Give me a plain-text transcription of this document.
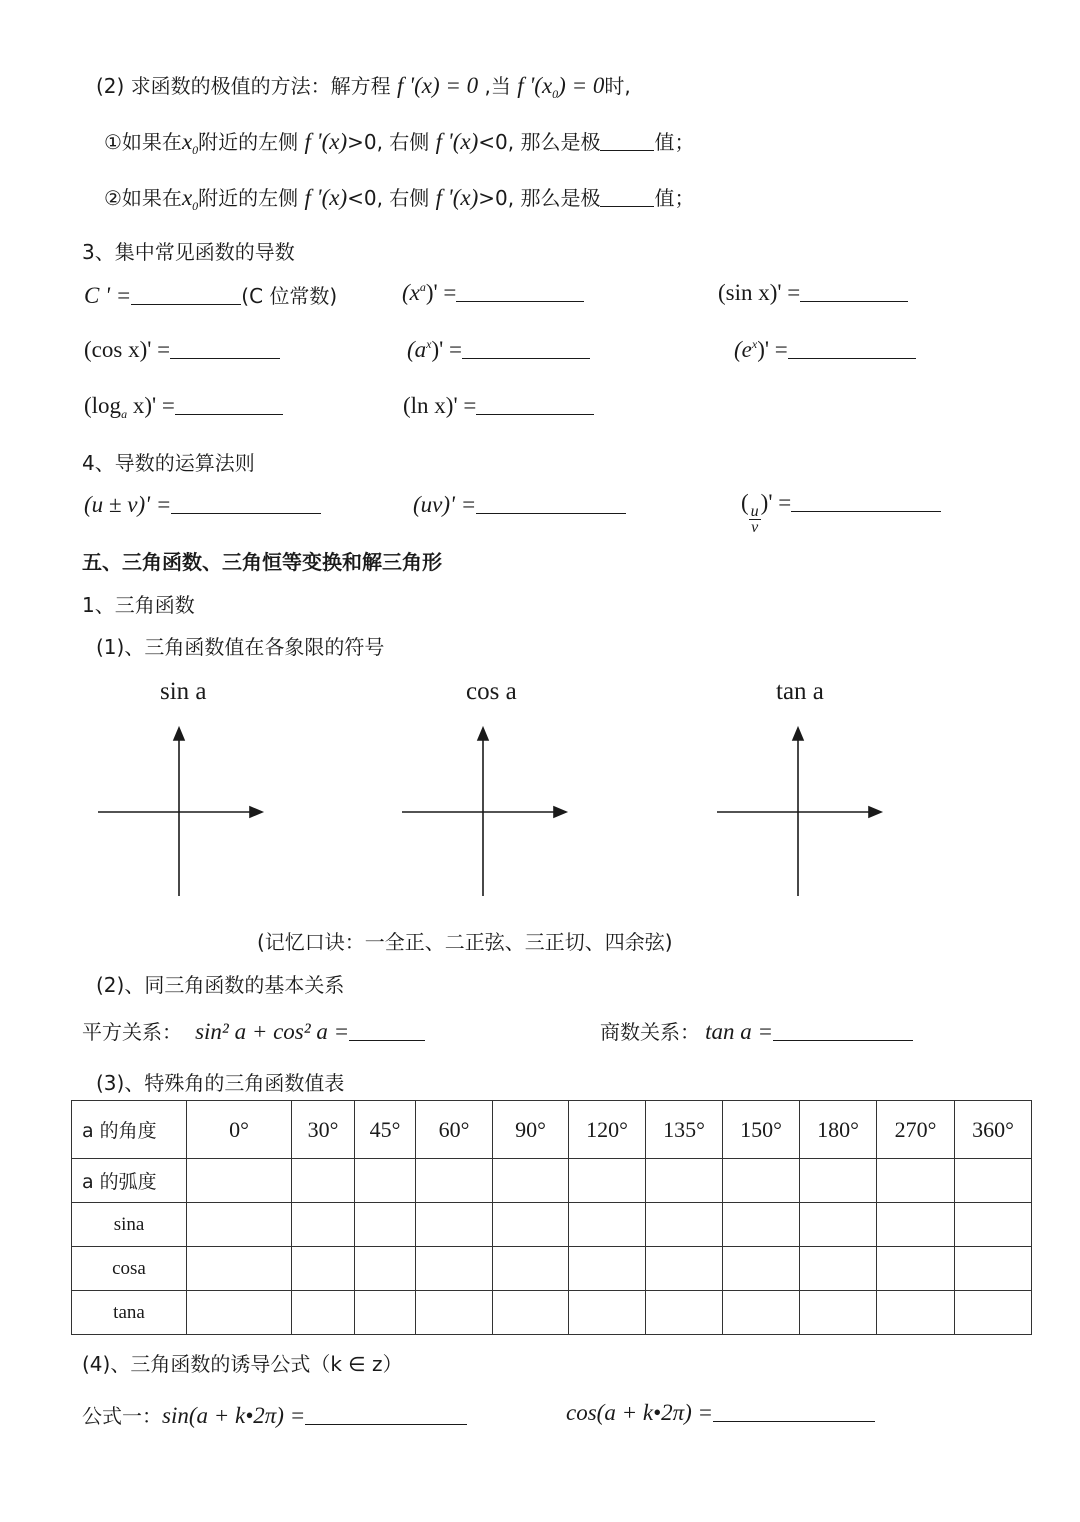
(2) 求函数的极值的方法：解方程 f '(x) = 0 ,当 f '$(x_0) = 0$时,
①如果在$x_0$附近的左侧 f '(x)>0, 右侧 f '(x)<0, 那么是极	值；
②如果在$x_0$附近的左侧 f '(x)<0, 右侧 f '(x)>0, 那么是极	值；
3、集中常见函数的导数
C ' =	(C 位常数)	$(x^a)'$ =	(sin x)' =
(cos x)' =	$(a^x)'$ =	$(e^x)'$ =
($\log_a$ x)' =	(ln x)' =
4、导数的运算法则
(u ± v)' =	(uv)' =	(
$\frac{u}{v}$
)' =
五、三角函数、三角恒等变换和解三角形
1、三角函数
(1)、三角函数值在各象限的符号
sin a	cos a	tan a
(记忆口诀：一全正、二正弦、三正切、四余弦)
(2)、同三角函数的基本关系
平方关系： sin² a + cos² a =	商数关系： tan a =
(3)、特殊角的三角函数值表
a 的角度	0°	30°	45°	60°	90°	120°	135°	150°	180°	270°	360°
a 的弧度											
sina											
cosa											
tana											
(4)、三角函数的诱导公式（k ∈ z）
公式一：sin(a + k•2π) =	cos(a + k•2π) =
